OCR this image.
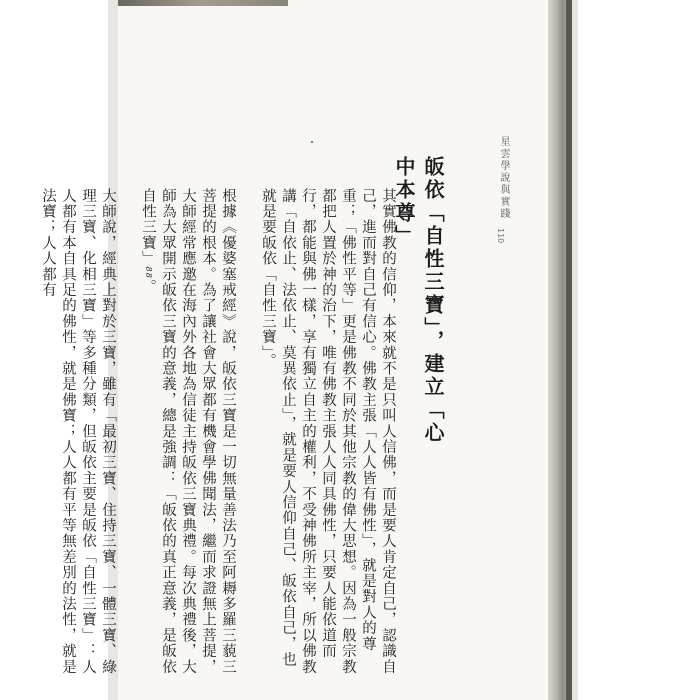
星雲學說與實踐
110
皈依「自性三寶」，建立「心中本尊」

其實佛教的信仰，本來就不是只叫人信佛，而是要人肯定自己，認識自己，進而對自己有信心。佛教主張「人人皆有佛性」，就是對人的尊重；「佛性平等」更是佛教不同於其他宗教的偉大思想。因為一般宗教都把人置於神的治下，唯有佛教主張人人同具佛性，只要人能依道而行，都能與佛一樣，享有獨立自主的權利，不受神佛所主宰，所以佛教講「自依止、法依止、莫異依止」，就是要人信仰自己、皈依自己，也就是要皈依「自性三寶」。

根據《優婆塞戒經》說，皈依三寶是一切無量善法乃至阿耨多羅三藐三菩提的根本。為了讓社會大眾都有機會學佛聞法，繼而求證無上菩提，大師經常應邀在海內外各地為信徒主持皈依三寶典禮。每次典禮後，大師為大眾開示皈依三寶的意義，總是強調：「皈依的真正意義，是皈依自性三寶」88。

大師說，經典上對於三寶，雖有「最初三寶、住持三寶、一體三寶、綠理三寶、化相三寶」等多種分類，但皈依主要是皈依「自性三寶」：人人都有本自具足的佛性，就是佛寶；人人都有平等無差別的法性，就是法寶；人人都有
